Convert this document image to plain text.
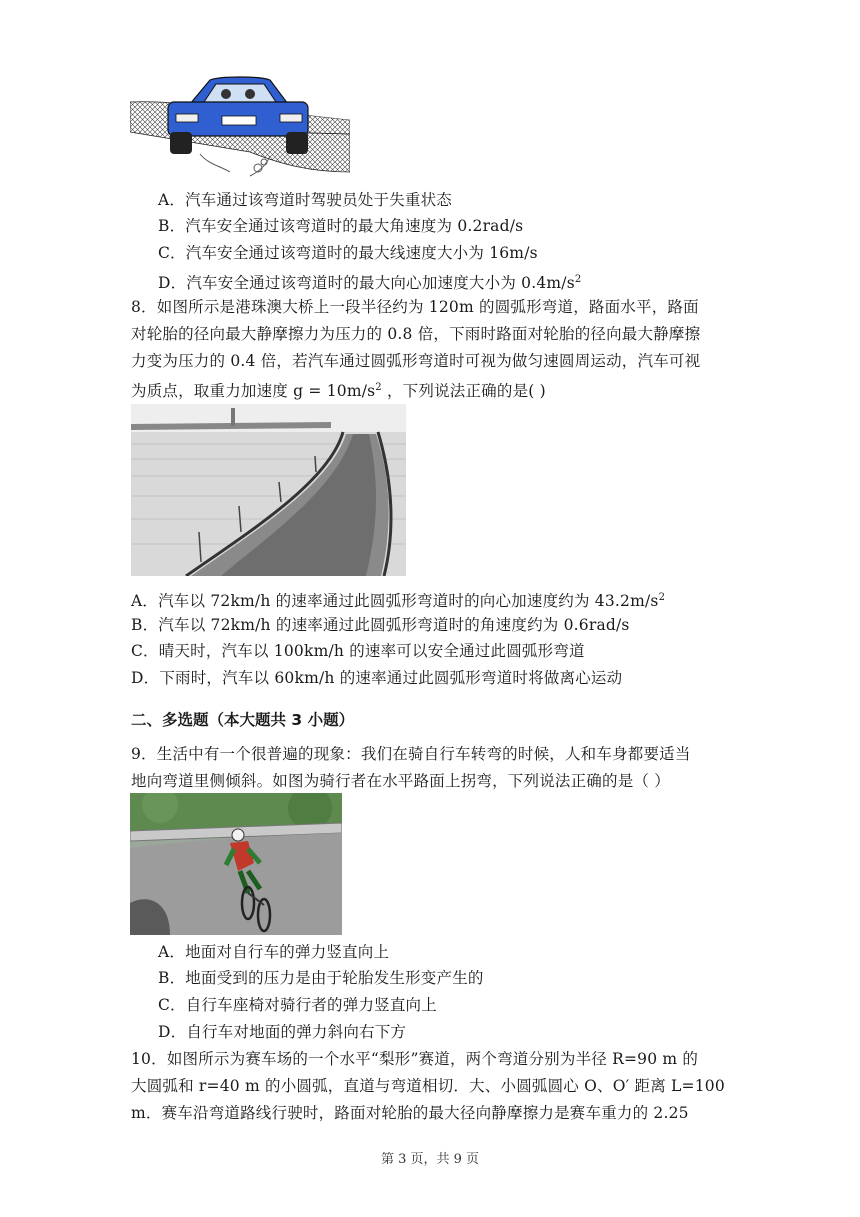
A．汽车通过该弯道时驾驶员处于失重状态
B．汽车安全通过该弯道时的最大角速度为 0.2rad/s
C．汽车安全通过该弯道时的最大线速度大小为 16m/s
D．汽车安全通过该弯道时的最大向心加速度大小为 $0.4m/s^2$
8．如图所示是港珠澳大桥上一段半径约为 120m 的圆弧形弯道，路面水平，路面
对轮胎的径向最大静摩擦力为压力的 0.8 倍，下雨时路面对轮胎的径向最大静摩擦
力变为压力的 0.4 倍，若汽车通过圆弧形弯道时可视为做匀速圆周运动，汽车可视
为质点，取重力加速度 $g = 10m/s^2$ ，下列说法正确的是( )
A．汽车以 72km/h 的速率通过此圆弧形弯道时的向心加速度约为 $43.2m/s^2$
B．汽车以 72km/h 的速率通过此圆弧形弯道时的角速度约为 0.6rad/s
C．晴天时，汽车以 100km/h 的速率可以安全通过此圆弧形弯道
D．下雨时，汽车以 60km/h 的速率通过此圆弧形弯道时将做离心运动
二、多选题（本大题共 3 小题）
9．生活中有一个很普遍的现象：我们在骑自行车转弯的时候，人和车身都要适当
地向弯道里侧倾斜。如图为骑行者在水平路面上拐弯，下列说法正确的是（ ）
A．地面对自行车的弹力竖直向上
B．地面受到的压力是由于轮胎发生形变产生的
C．自行车座椅对骑行者的弹力竖直向上
D．自行车对地面的弹力斜向右下方
10．如图所示为赛车场的一个水平“梨形”赛道，两个弯道分别为半径 R=90 m 的
大圆弧和 r=40 m 的小圆弧，直道与弯道相切．大、小圆弧圆心 O、O′ 距离 L=100
m．赛车沿弯道路线行驶时，路面对轮胎的最大径向静摩擦力是赛车重力的 2.25
第 3 页，共 9 页
